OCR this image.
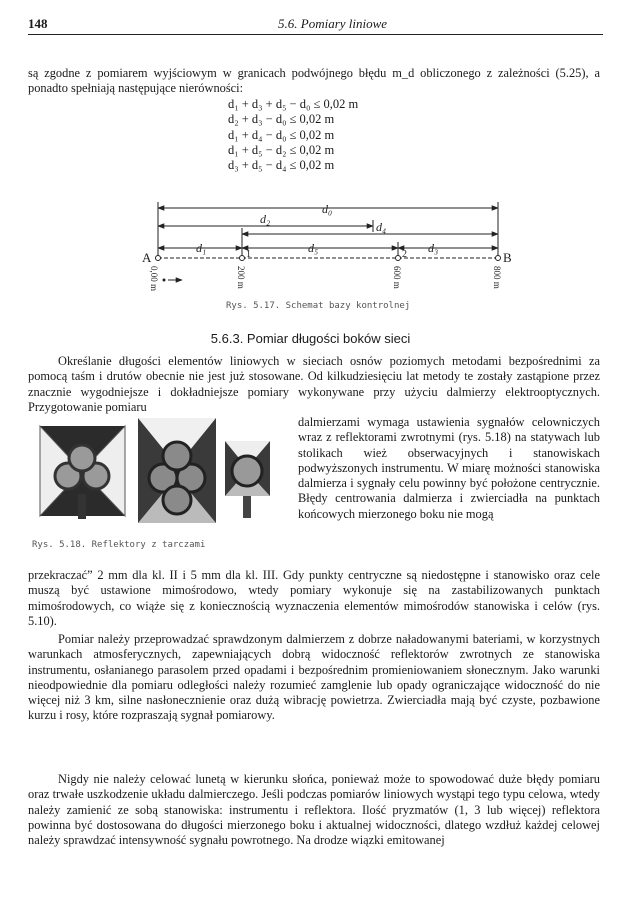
148	5.6. Pomiary liniowe

są zgodne z pomiarem wyjściowym w granicach podwójnego błędu m_d obliczonego z zależności (5.25), a ponadto spełniają następujące nierówności:

d₁ + d₃ + d₅ − d₀ ≤ 0,02 m
d₂ + d₃ − d₀ ≤ 0,02 m
d₁ + d₄ − d₀ ≤ 0,02 m
d₁ + d₅ − d₂ ≤ 0,02 m
d₃ + d₅ − d₄ ≤ 0,02 m
d₀
d₂
d₄
d₁	d₅	d₃
A	B
1	2
0,00 m	200 m	600 m	800 m
Rys. 5.17. Schemat bazy kontrolnej
5.6.3. Pomiar długości boków sieci

Określanie długości elementów liniowych w sieciach osnów poziomych metodami bezpośrednimi za pomocą taśm i drutów obecnie nie jest już stosowane. Od kilkudziesięciu lat metody te zostały zastąpione przez znacznie wygodniejsze i dokładniejsze pomiary wykonywane przy użyciu dalmierzy elektrooptycznych. Przygotowanie pomiaru

Rys. 5.18. Reflektory z tarczami

dalmierzami wymaga ustawienia sygnałów celowniczych wraz z reflektorami zwrotnymi (rys. 5.18) na statywach lub stolikach wież obserwacyjnych i stanowiskach podwyższonych instrumentu. W miarę możności stanowiska dalmierza i sygnały celu powinny być położone centrycznie. Błędy centrowania dalmierza i zwierciadła na punktach końcowych mierzonego boku nie mogą

przekraczać” 2 mm dla kl. II i 5 mm dla kl. III. Gdy punkty centryczne są niedostępne i stanowisko oraz cele muszą być ustawione mimośrodowo, wtedy pomiary wykonuje się na zastabilizowanych punktach mimośrodowych, co wiąże się z koniecznością wyznaczenia elementów mimośrodów stanowiska i celów (rys. 5.10).

Pomiar należy przeprowadzać sprawdzonym dalmierzem z dobrze naładowanymi bateriami, w korzystnych warunkach atmosferycznych, zapewniających dobrą widoczność reflektorów zwrotnych ze stanowiska instrumentu, osłanianego parasolem przed opadami i bezpośrednim promieniowaniem słonecznym. Jako warunki nieodpowiednie dla pomiaru odległości należy rozumieć zamglenie lub opady ograniczające widoczność do nie więcej niż 3 km, silne nasłonecznienie oraz dużą wibrację powietrza. Zwierciadła mają być czyste, pozbawione kurzu i rosy, które rozpraszają sygnał pomiarowy.

Nigdy nie należy celować lunetą w kierunku słońca, ponieważ może to spowodować duże błędy pomiaru oraz trwałe uszkodzenie układu dalmierczego. Jeśli podczas pomiarów liniowych wystąpi tego typu celowa, wtedy należy zamienić ze sobą stanowiska: instrumentu i reflektora. Ilość pryzmatów (1, 3 lub więcej) reflektora powinna być dostosowana do długości mierzonego boku i aktualnej widoczności, dlatego wzdłuż każdej celowej należy sprawdzać intensywność sygnału powrotnego. Na drodze wiązki emitowanej
